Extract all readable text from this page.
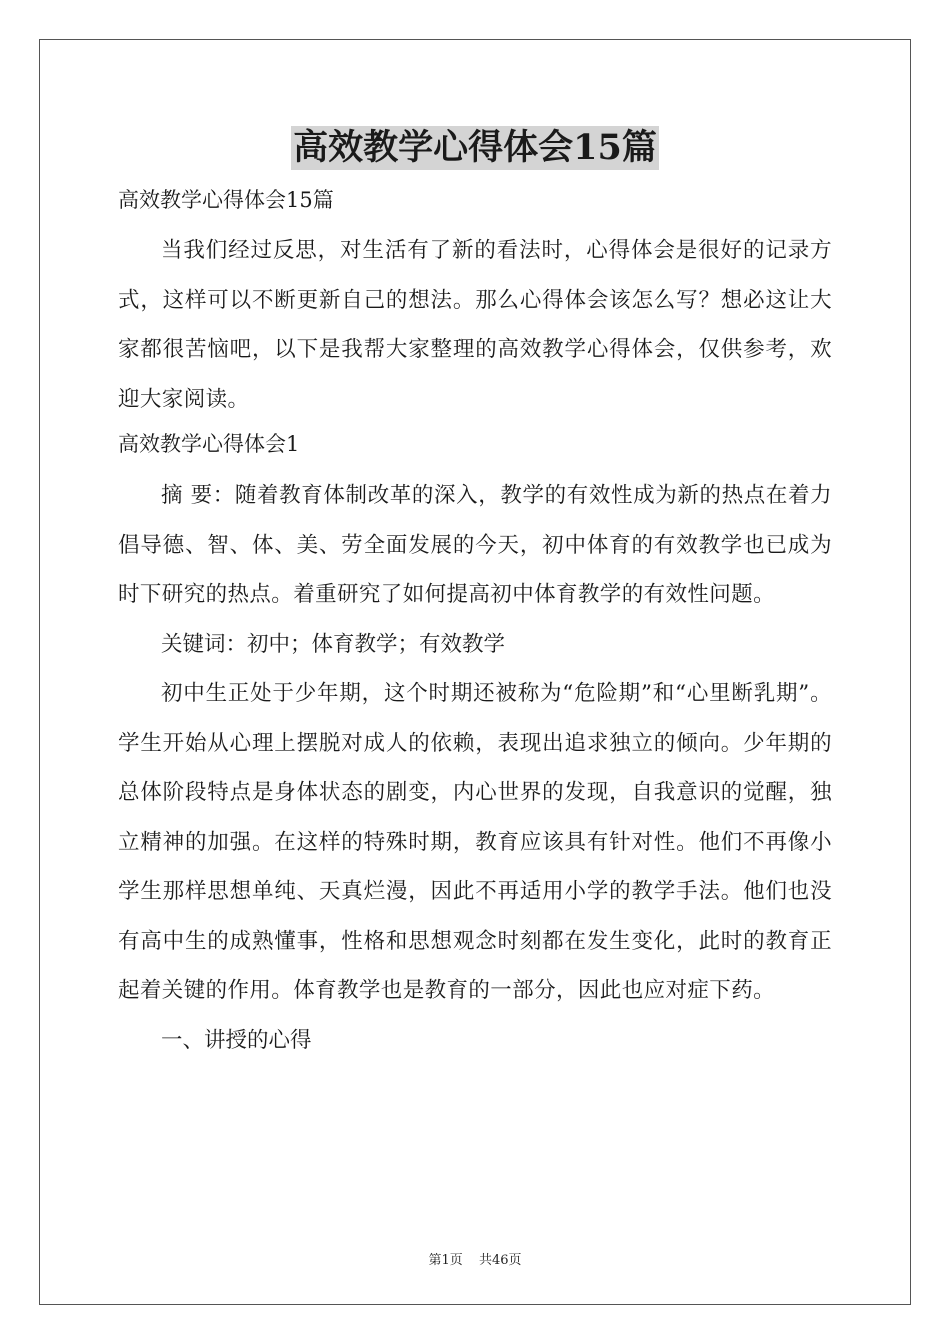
高效教学心得体会15篇

高效教学心得体会15篇

当我们经过反思，对生活有了新的看法时，心得体会是很好的记录方式，这样可以不断更新自己的想法。那么心得体会该怎么写？想必这让大家都很苦恼吧，以下是我帮大家整理的高效教学心得体会，仅供参考，欢迎大家阅读。

高效教学心得体会1

摘 要：随着教育体制改革的深入，教学的有效性成为新的热点在着力倡导德、智、体、美、劳全面发展的今天，初中体育的有效教学也已成为时下研究的热点。着重研究了如何提高初中体育教学的有效性问题。

关键词：初中；体育教学；有效教学

初中生正处于少年期，这个时期还被称为“危险期”和“心里断乳期”。学生开始从心理上摆脱对成人的依赖，表现出追求独立的倾向。少年期的总体阶段特点是身体状态的剧变，内心世界的发现，自我意识的觉醒，独立精神的加强。在这样的特殊时期，教育应该具有针对性。他们不再像小学生那样思想单纯、天真烂漫，因此不再适用小学的教学手法。他们也没有高中生的成熟懂事，性格和思想观念时刻都在发生变化，此时的教育正起着关键的作用。体育教学也是教育的一部分，因此也应对症下药。

一、讲授的心得

第1页 共46页
